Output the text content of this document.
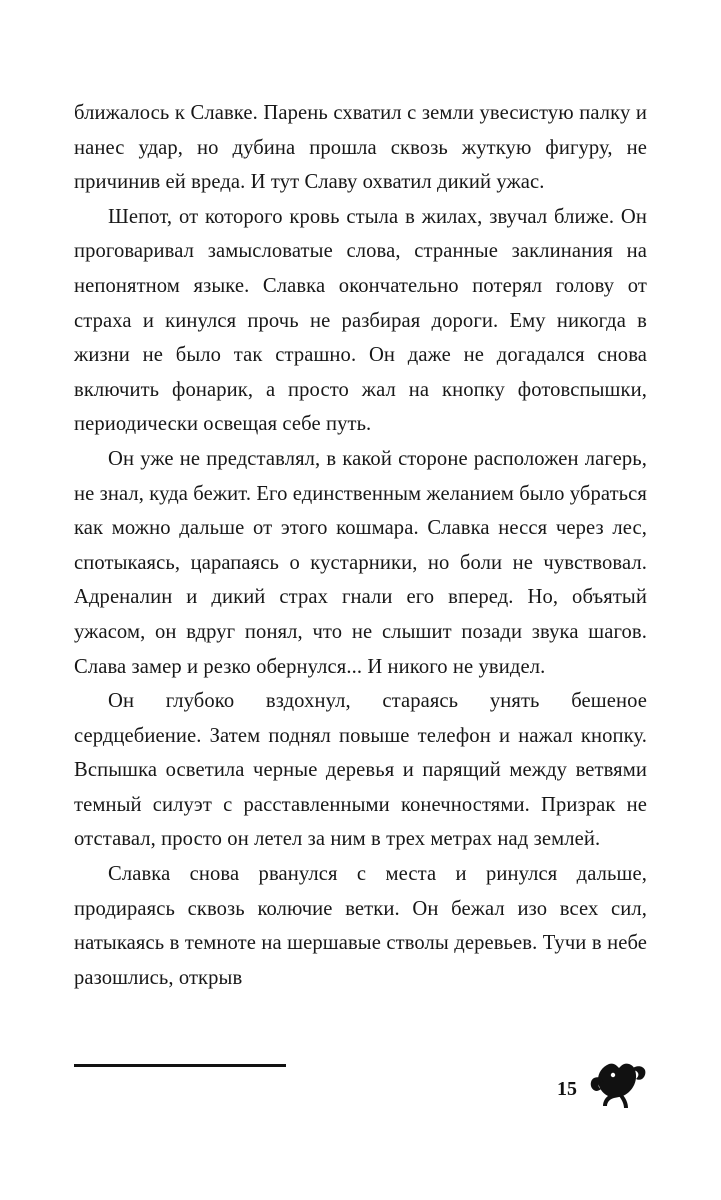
ближалось к Славке. Парень схватил с земли увесистую палку и нанес удар, но дубина прошла сквозь жуткую фигуру, не причинив ей вреда. И тут Славу охватил дикий ужас.

Шепот, от которого кровь стыла в жилах, звучал ближе. Он проговаривал замысловатые слова, странные заклинания на непонятном языке. Славка окончательно потерял голову от страха и кинулся прочь не разбирая дороги. Ему никогда в жизни не было так страшно. Он даже не догадался снова включить фонарик, а просто жал на кнопку фотовспышки, периодически освещая себе путь.

Он уже не представлял, в какой стороне расположен лагерь, не знал, куда бежит. Его единственным желанием было убраться как можно дальше от этого кошмара. Славка несся через лес, спотыкаясь, царапаясь о кустарники, но боли не чувствовал. Адреналин и дикий страх гнали его вперед. Но, объятый ужасом, он вдруг понял, что не слышит позади звука шагов. Слава замер и резко обернулся... И никого не увидел.

Он глубоко вздохнул, стараясь унять бешеное сердцебиение. Затем поднял повыше телефон и нажал кнопку. Вспышка осветила черные деревья и парящий между ветвями темный силуэт с расставленными конечностями. Призрак не отставал, просто он летел за ним в трех метрах над землей.

Славка снова рванулся с места и ринулся дальше, продираясь сквозь колючие ветки. Он бежал изо всех сил, натыкаясь в темноте на шершавые стволы деревьев. Тучи в небе разошлись, открыв

15
